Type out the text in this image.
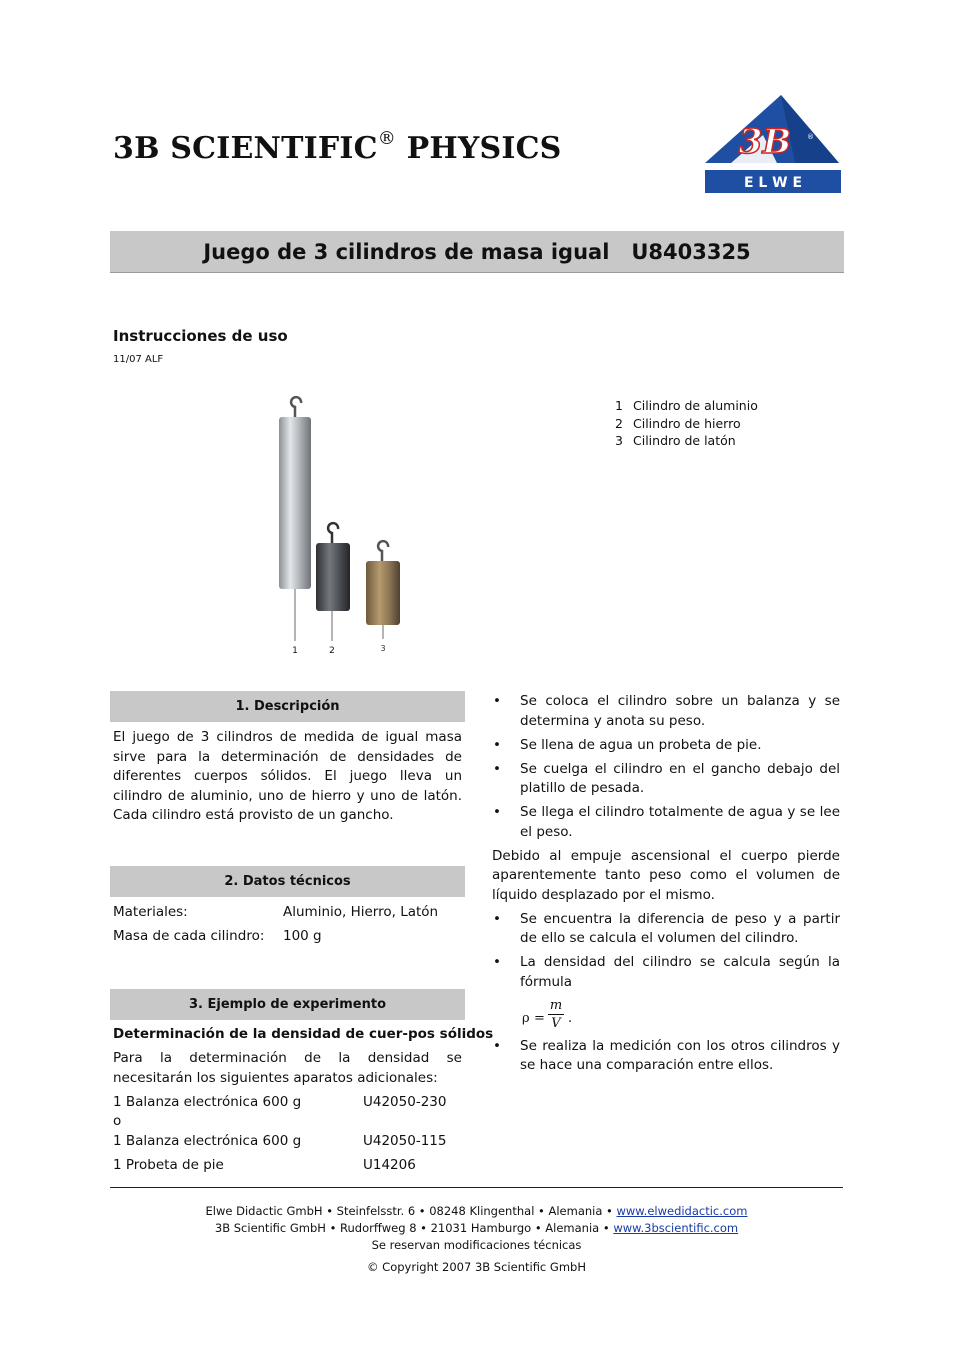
3B SCIENTIFIC® PHYSICS	3B ®
E L W E
Juego de 3 cilindros de masa igual U8403325
Instrucciones de uso
11/07 ALF
1	2	3
1 Cilindro de aluminio
2 Cilindro de hierro
3 Cilindro de latón
1. Descripción
El juego de 3 cilindros de medida de igual masa sirve para la determinación de densidades de diferentes cuerpos sólidos. El juego lleva un cilindro de aluminio, uno de hierro y uno de latón. Cada cilindro está provisto de un gancho.
2. Datos técnicos
Materiales:	Aluminio, Hierro, Latón
Masa de cada cilindro:	100 g
3. Ejemplo de experimento
Determinación de la densidad de cuer-pos sólidos
Para la determinación de la densidad se necesitarán los siguientes aparatos adicionales:
1 Balanza electrónica 600 g	U42050-230
o
1 Balanza electrónica 600 g	U42050-115
1 Probeta de pie	U14206
• Se coloca el cilindro sobre un balanza y se determina y anota su peso.
• Se llena de agua un probeta de pie.
• Se cuelga el cilindro en el gancho debajo del platillo de pesada.
• Se llega el cilindro totalmente de agua y se lee el peso.
Debido al empuje ascensional el cuerpo pierde aparentemente tanto peso como el volumen de líquido desplazado por el mismo.
• Se encuentra la diferencia de peso y a partir de ello se calcula el volumen del cilindro.
• La densidad del cilindro se calcula según la fórmula
ρ =
m
V .
• Se realiza la medición con los otros cilindros y se hace una comparación entre ellos.
Elwe Didactic GmbH • Steinfelsstr. 6 • 08248 Klingenthal • Alemania • www.elwedidactic.com
3B Scientific GmbH • Rudorffweg 8 • 21031 Hamburgo • Alemania • www.3bscientific.com
Se reservan modificaciones técnicas
© Copyright 2007 3B Scientific GmbH
